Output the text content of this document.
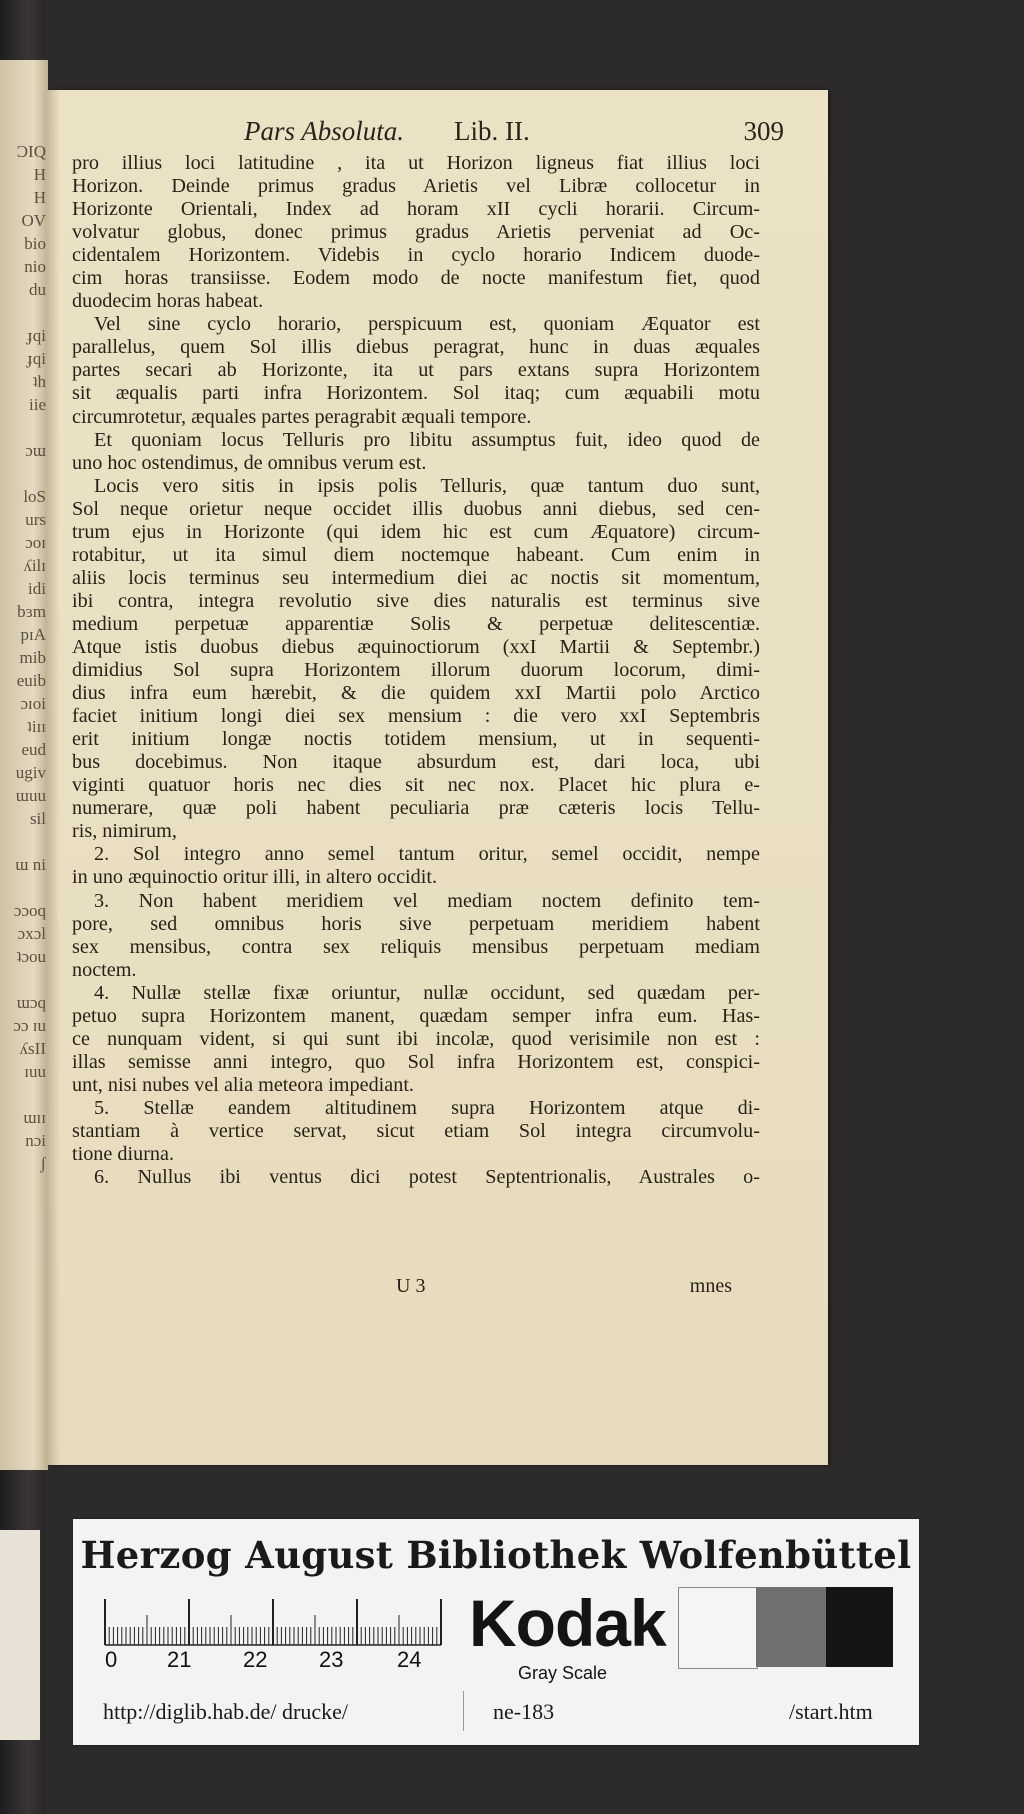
ϽIQ
H
H
OV
bio
nio
du
ɟqi
ɟqi
ʇh
iie
ɔɯ
loS
urs
ɔoɪ
ʎilɪ
idi
bɜm
pɪA
mib
euib
ɔɪoi
ʇiɪɪ
eud
ugiv
ɯuu
sil
ɯ ni
ɔɔoq
ɔxɔl
ʇɔou
ɯɔq
ɔɔ ɪu
ʎsII
ɪuu
ɯɪɪ
nɔi
ʃ
Pars Absoluta. Lib. II.	309
pro illius loci latitudine , ita ut Horizon ligneus fiat illius loci
Horizon. Deinde primus gradus Arietis vel Libræ collocetur in
Horizonte Orientali, Index ad horam xII cycli horarii. Circum-
volvatur globus, donec primus gradus Arietis perveniat ad Oc-
cidentalem Horizontem. Videbis in cyclo horario Indicem duode-
cim horas transiisse. Eodem modo de nocte manifestum fiet, quod
duodecim horas habeat.
Vel sine cyclo horario, perspicuum est, quoniam Æquator est
parallelus, quem Sol illis diebus peragrat, hunc in duas æquales
partes secari ab Horizonte, ita ut pars extans supra Horizontem
sit æqualis parti infra Horizontem. Sol itaq; cum æquabili motu
circumrotetur, æquales partes peragrabit æquali tempore.
Et quoniam locus Telluris pro libitu assumptus fuit, ideo quod de
uno hoc ostendimus, de omnibus verum est.
Locis vero sitis in ipsis polis Telluris, quæ tantum duo sunt,
Sol neque orietur neque occidet illis duobus anni diebus, sed cen-
trum ejus in Horizonte (qui idem hic est cum Æquatore) circum-
rotabitur, ut ita simul diem noctemque habeant. Cum enim in
aliis locis terminus seu intermedium diei ac noctis sit momentum,
ibi contra, integra revolutio sive dies naturalis est terminus sive
medium perpetuæ apparentiæ Solis & perpetuæ delitescentiæ.
Atque istis duobus diebus æquinoctiorum (xxI Martii & Septembr.)
dimidius Sol supra Horizontem illorum duorum locorum, dimi-
dius infra eum hærebit, & die quidem xxI Martii polo Arctico
faciet initium longi diei sex mensium : die vero xxI Septembris
erit initium longæ noctis totidem mensium, ut in sequenti-
bus docebimus. Non itaque absurdum est, dari loca, ubi
viginti quatuor horis nec dies sit nec nox. Placet hic plura e-
numerare, quæ poli habent peculiaria præ cæteris locis Tellu-
ris, nimirum,
2. Sol integro anno semel tantum oritur, semel occidit, nempe
in uno æquinoctio oritur illi, in altero occidit.
3. Non habent meridiem vel mediam noctem definito tem-
pore, sed omnibus horis sive perpetuam meridiem habent
sex mensibus, contra sex reliquis mensibus perpetuam mediam
noctem.
4. Nullæ stellæ fixæ oriuntur, nullæ occidunt, sed quædam per-
petuo supra Horizontem manent, quædam semper infra eum. Has-
ce nunquam vident, si qui sunt ibi incolæ, quod verisimile non est :
illas semisse anni integro, quo Sol infra Horizontem est, conspici-
unt, nisi nubes vel alia meteora impediant.
5. Stellæ eandem altitudinem supra Horizontem atque di-
stantiam à vertice servat, sicut etiam Sol integra circumvolu-
tione diurna.
6. Nullus ibi ventus dici potest Septentrionalis, Australes o-
U 3	mnes
Herzog August Bibliothek Wolfenbüttel
0 21 22 23 24 Kodak
Gray Scale
http://diglib.hab.de/ drucke/	ne-183	/start.htm
